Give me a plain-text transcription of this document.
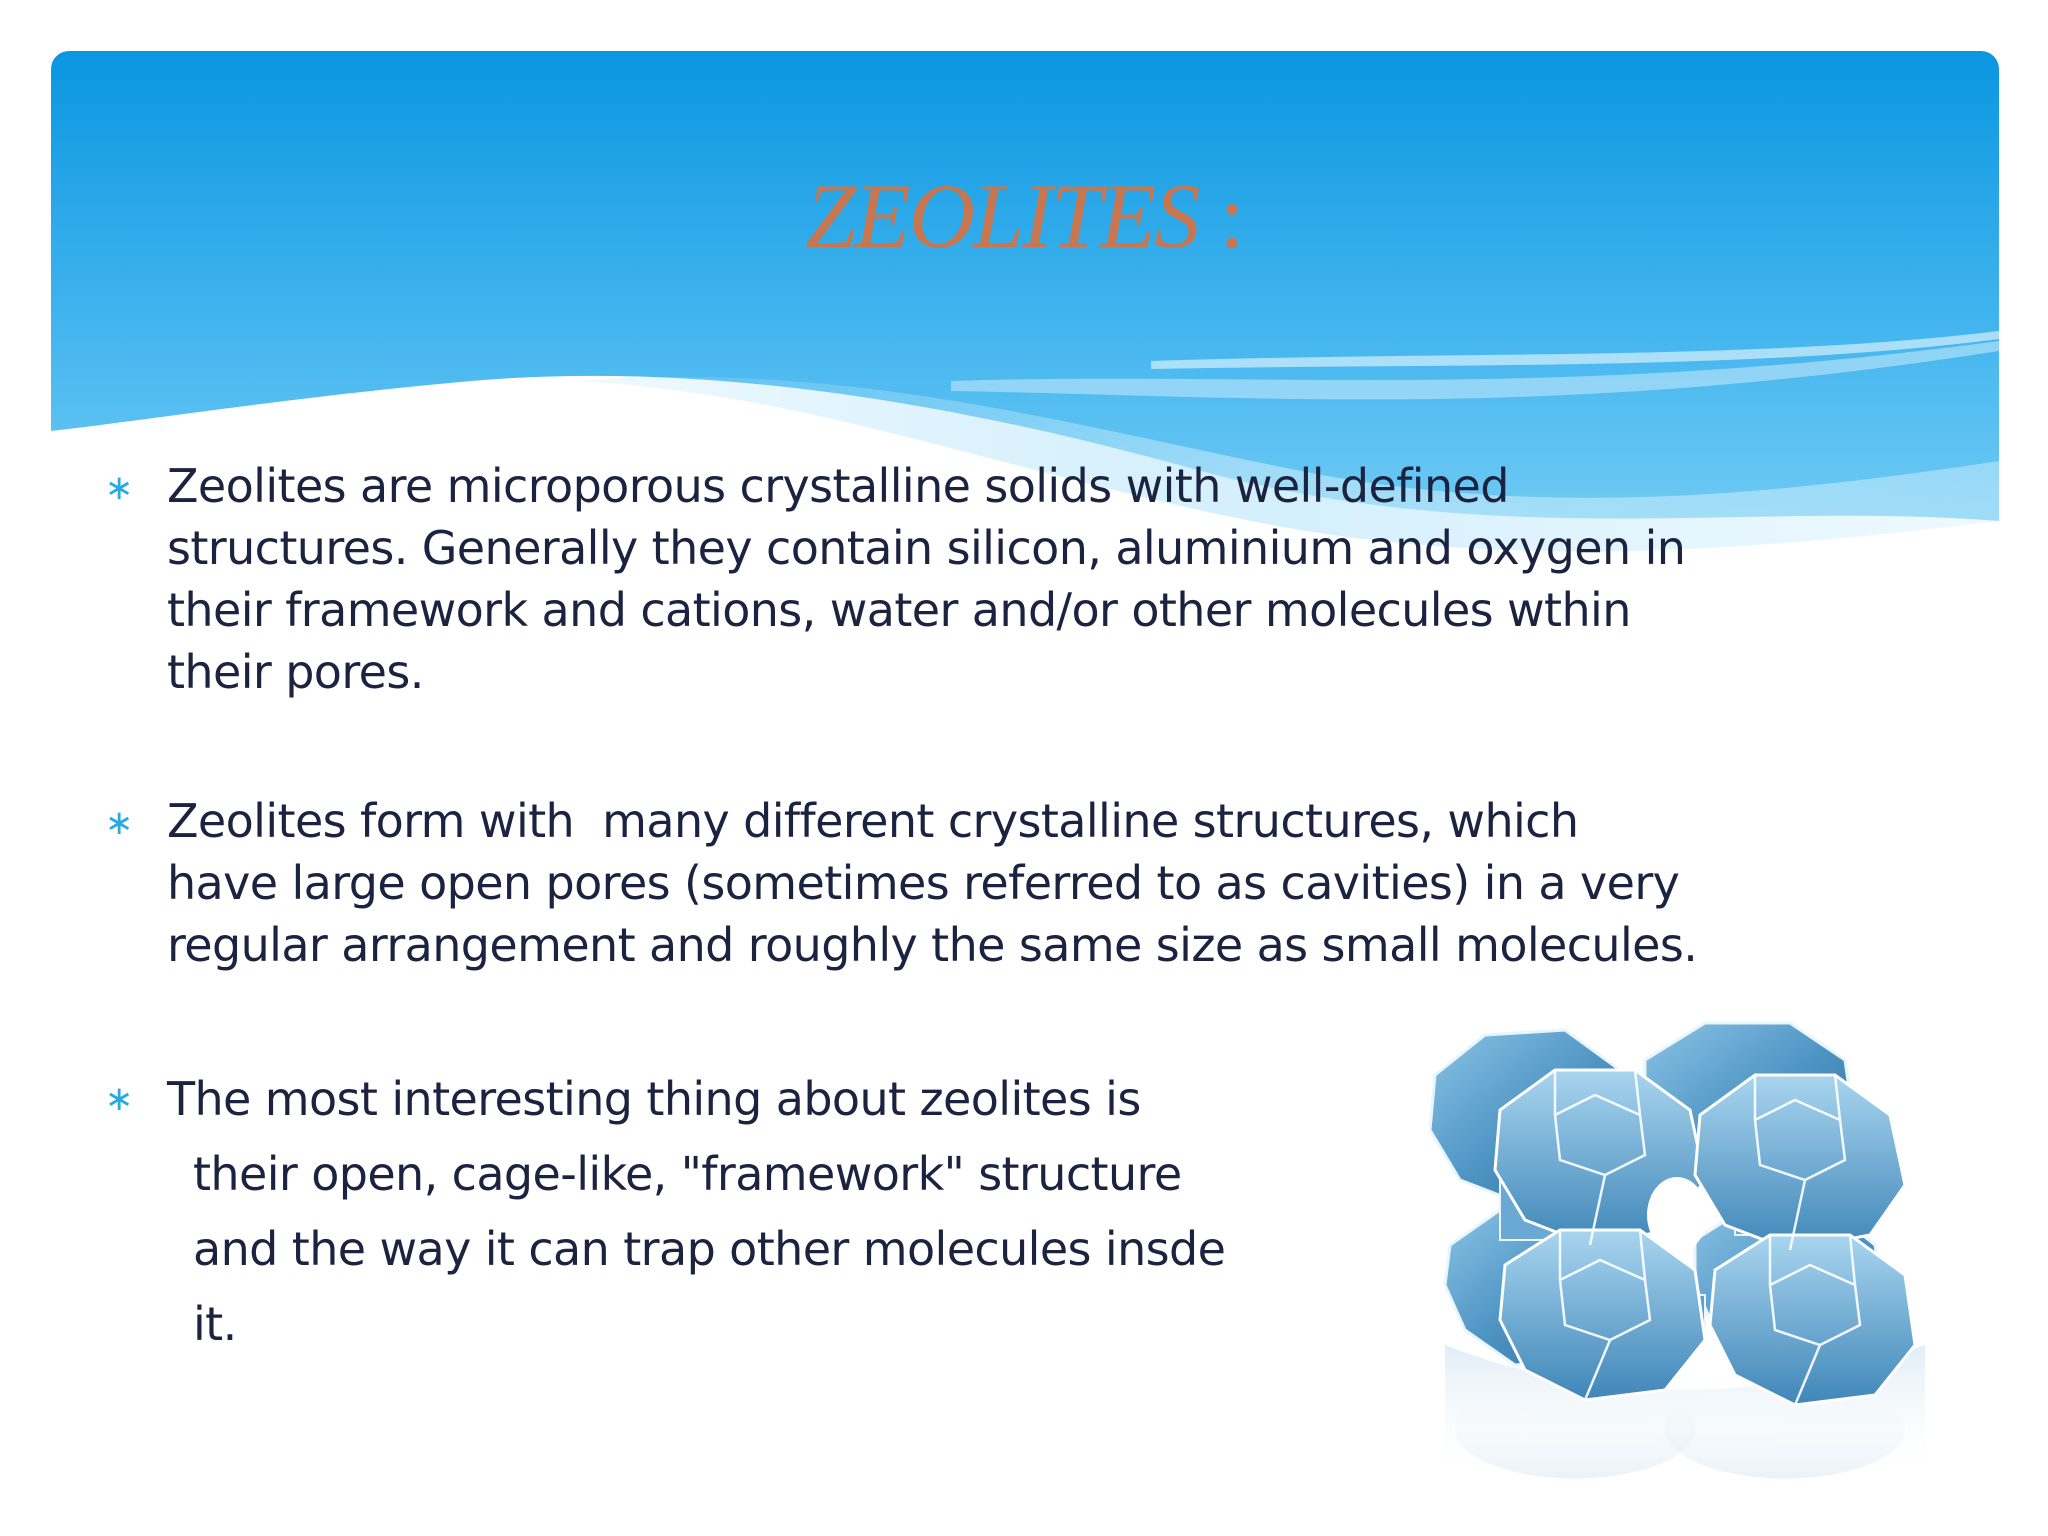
ZEOLITES :
∗ Zeolites are microporous crystalline solids with well-defined
structures. Generally they contain silicon, aluminium and oxygen in
their framework and cations, water and/or other molecules wthin
their pores.
∗ Zeolites form with  many different crystalline structures, which
have large open pores (sometimes referred to as cavities) in a very
regular arrangement and roughly the same size as small molecules.
∗ The most interesting thing about zeolites is
their open, cage-like, "framework" structure
and the way it can trap other molecules insde
it.
